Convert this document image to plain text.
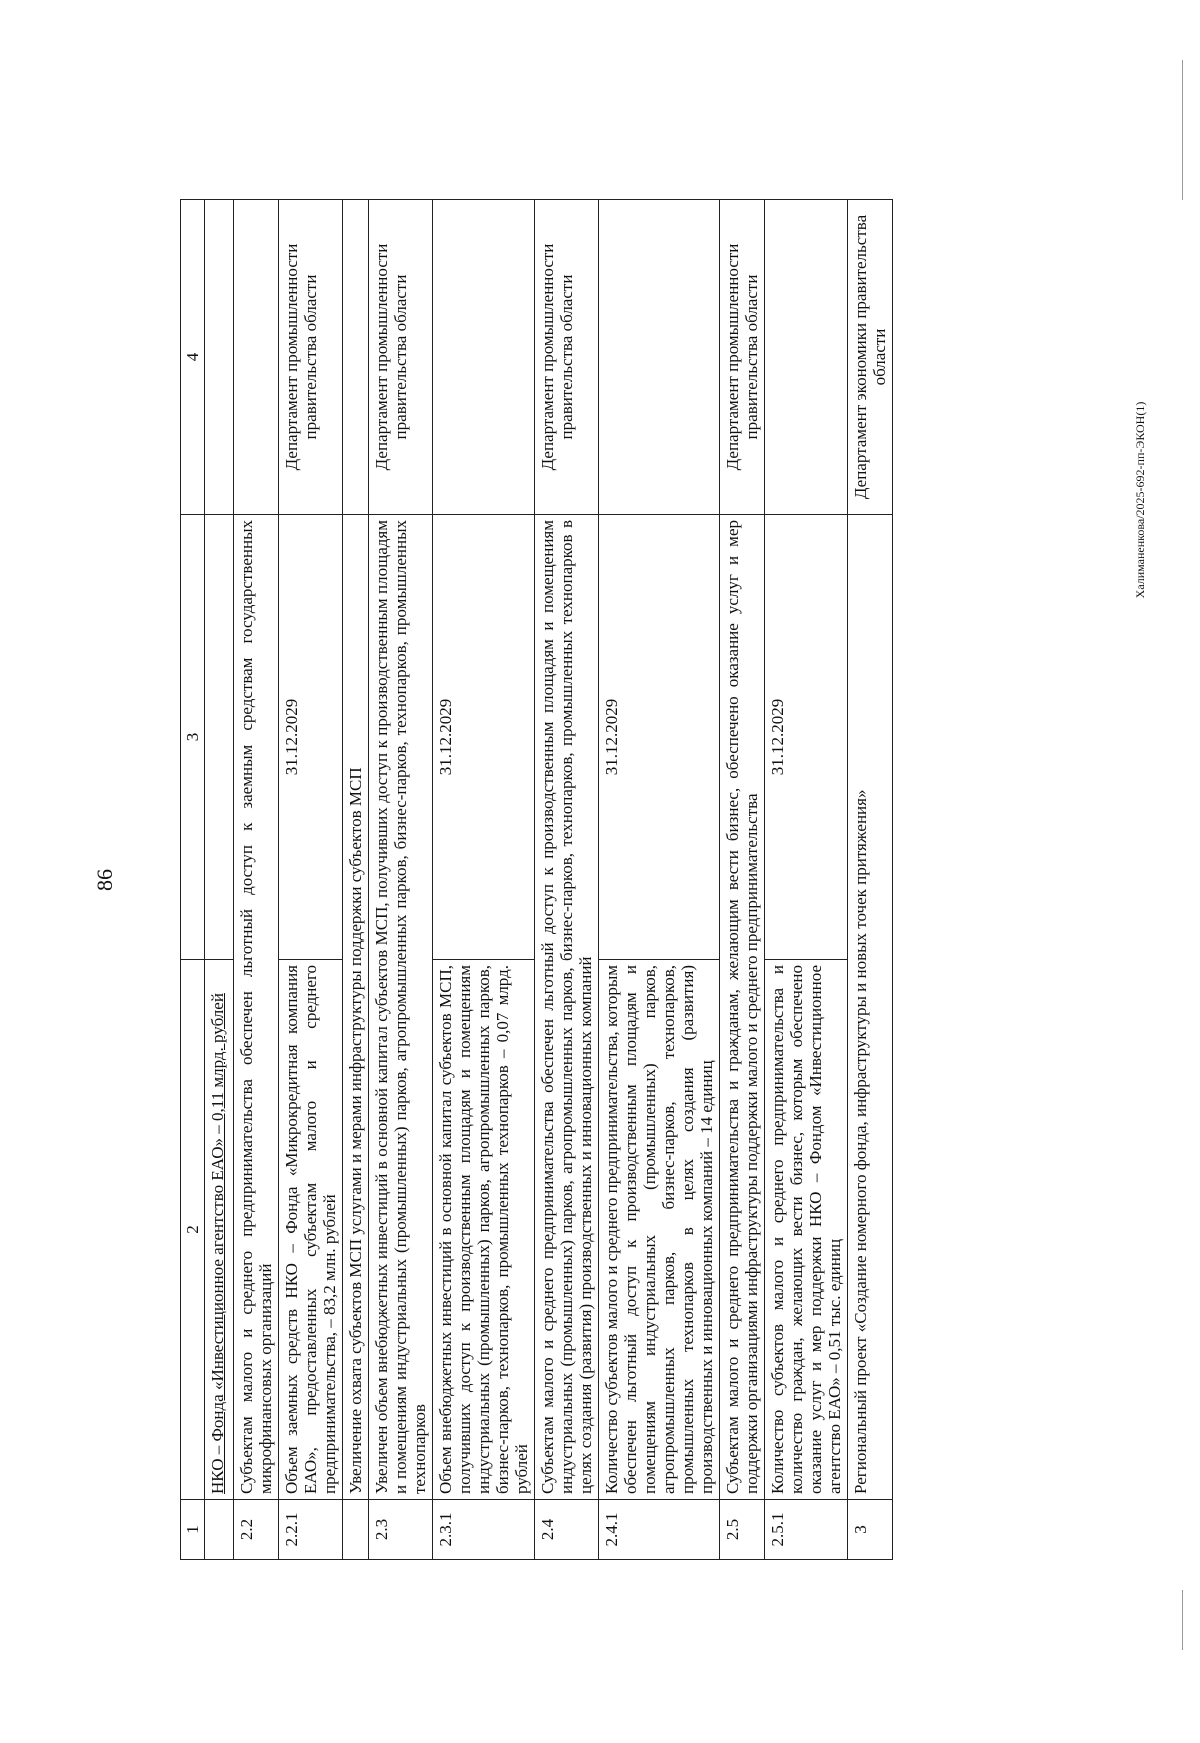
86
Халиманенкова/2025-692-пп-ЭКОН(1)
1	2	3	4
	НКО – Фонда «Инвестиционное агентство ЕАО» – 0,11 млрд. рублей		
2.2	Субъектам малого и среднего предпринимательства обеспечен льготный доступ к заемным средствам государственных микрофинансовых организаций		
2.2.1	Объем заемных средств НКО – Фонда «Микрокредитная компания ЕАО», предоставленных субъектам малого и среднего предпринимательства, – 83,2 млн. рублей	31.12.2029	Департамент промышленности правительства области
	Увеличение охвата субъектов МСП услугами и мерами инфраструктуры поддержки субъектов МСП		
2.3	Увеличен объем внебюджетных инвестиций в основной капитал субъектов МСП, получивших доступ к производственным площадям и помещениям индустриальных (промышленных) парков, агропромышленных парков, бизнес-парков, технопарков, промышленных технопарков		Департамент промышленности правительства области
2.3.1	Объем внебюджетных инвестиций в основной капитал субъектов МСП, получивших доступ к производственным площадям и помещениям индустриальных (промышленных) парков, агропромышленных парков, бизнес-парков, технопарков, промышленных технопарков – 0,07 млрд. рублей	31.12.2029	
2.4	Субъектам малого и среднего предпринимательства обеспечен льготный доступ к производственным площадям и помещениям индустриальных (промышленных) парков, агропромышленных парков, бизнес-парков, технопарков, промышленных технопарков в целях создания (развития) производственных и инновационных компаний		Департамент промышленности правительства области
2.4.1	Количество субъектов малого и среднего предпринимательства, которым обеспечен льготный доступ к производственным площадям и помещениям индустриальных (промышленных) парков, агропромышленных парков, бизнес-парков, технопарков, промышленных технопарков в целях создания (развития) производственных и инновационных компаний – 14 единиц	31.12.2029	
2.5	Субъектам малого и среднего предпринимательства и гражданам, желающим вести бизнес, обеспечено оказание услуг и мер поддержки организациями инфраструктуры поддержки малого и среднего предпринимательства		Департамент промышленности правительства области
2.5.1	Количество субъектов малого и среднего предпринимательства и количество граждан, желающих вести бизнес, которым обеспечено оказание услуг и мер поддержки НКО – Фондом «Инвестиционное агентство ЕАО» – 0,51 тыс. единиц	31.12.2029	
3	Региональный проект «Создание номерного фонда, инфраструктуры и новых точек притяжения»		Департамент экономики правительства области
